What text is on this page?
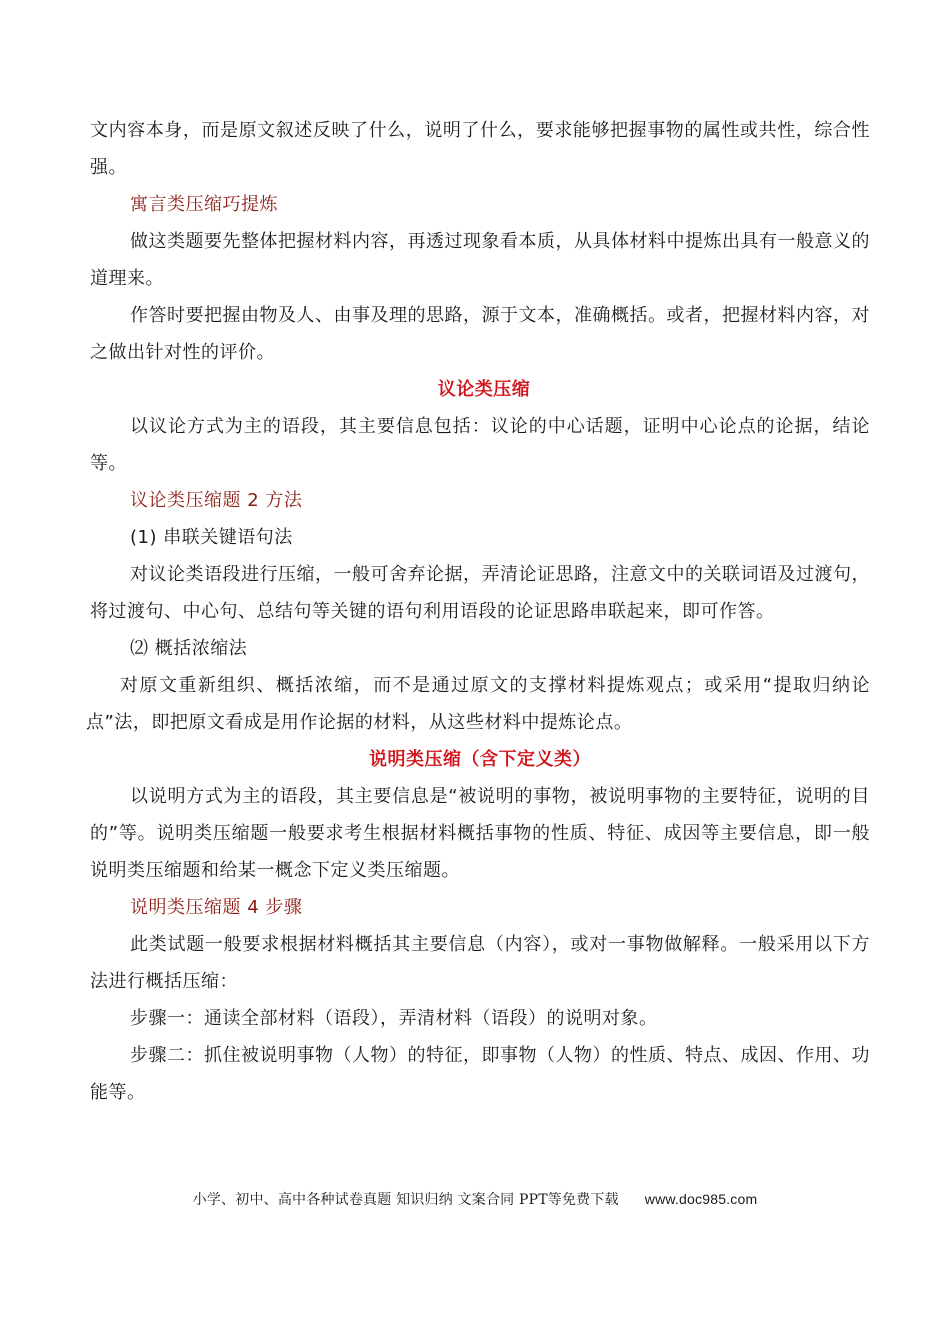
文内容本身，而是原文叙述反映了什么，说明了什么，要求能够把握事物的属性或共性，综合性强。

寓言类压缩巧提炼

做这类题要先整体把握材料内容，再透过现象看本质，从具体材料中提炼出具有一般意义的道理来。

作答时要把握由物及人、由事及理的思路，源于文本，准确概括。或者，把握材料内容，对之做出针对性的评价。

议论类压缩

以议论方式为主的语段，其主要信息包括：议论的中心话题，证明中心论点的论据，结论等。

议论类压缩题 2 方法

(1) 串联关键语句法

对议论类语段进行压缩，一般可舍弃论据，弄清论证思路，注意文中的关联词语及过渡句，将过渡句、中心句、总结句等关键的语句利用语段的论证思路串联起来，即可作答。

⑵ 概括浓缩法

对原文重新组织、概括浓缩，而不是通过原文的支撑材料提炼观点；或采用“提取归纳论点”法，即把原文看成是用作论据的材料，从这些材料中提炼论点。

说明类压缩（含下定义类）

以说明方式为主的语段，其主要信息是“被说明的事物，被说明事物的主要特征，说明的目的”等。说明类压缩题一般要求考生根据材料概括事物的性质、特征、成因等主要信息，即一般说明类压缩题和给某一概念下定义类压缩题。

说明类压缩题 4 步骤

此类试题一般要求根据材料概括其主要信息（内容），或对一事物做解释。一般采用以下方法进行概括压缩：

步骤一：通读全部材料（语段），弄清材料（语段）的说明对象。

步骤二：抓住被说明事物（人物）的特征，即事物（人物）的性质、特点、成因、作用、功能等。

小学、初中、高中各种试卷真题 知识归纳 文案合同 PPT等免费下载 www.doc985.com
